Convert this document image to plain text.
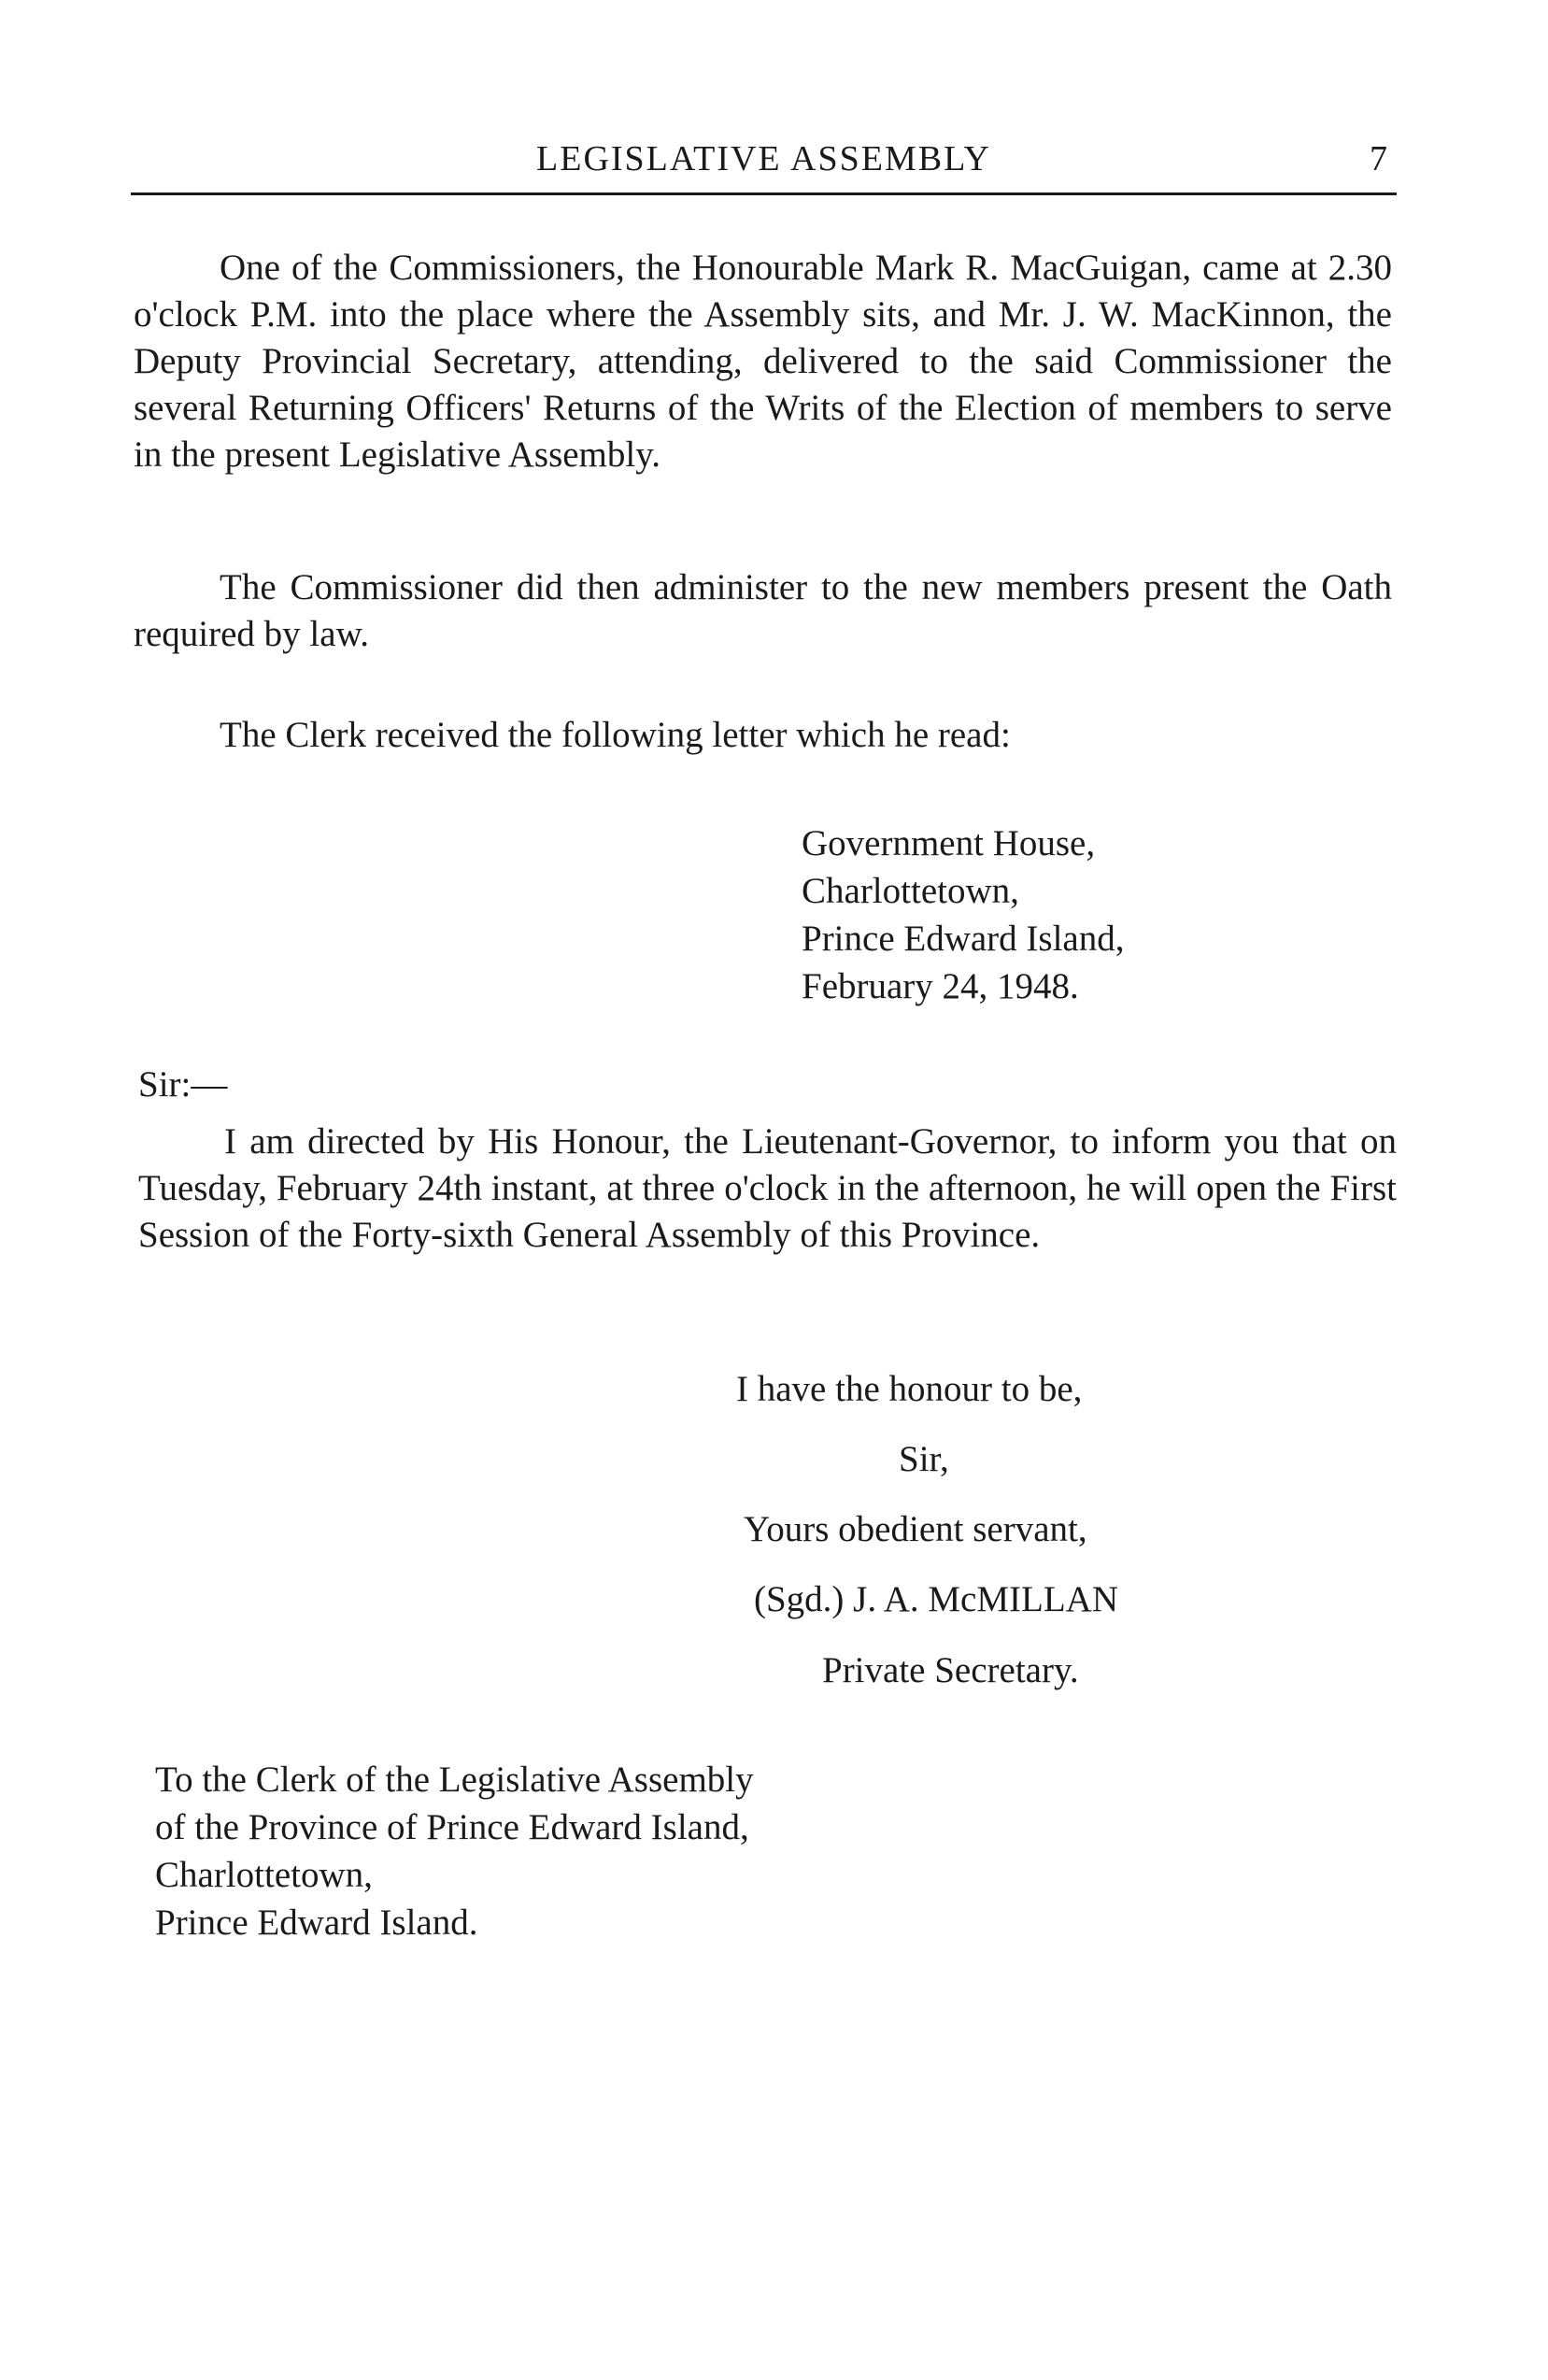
LEGISLATIVE ASSEMBLY	7

One of the Commissioners, the Honourable Mark R. MacGuigan, came at 2.30 o'clock P.M. into the place where the Assembly sits, and Mr. J. W. MacKinnon, the Deputy Provincial Secretary, attending, delivered to the said Commissioner the several Returning Officers' Returns of the Writs of the Election of members to serve in the present Legislative Assembly.

The Commissioner did then administer to the new members present the Oath required by law.

The Clerk received the following letter which he read:

Government House,
Charlottetown,
Prince Edward Island,
February 24, 1948.
Sir:—

I am directed by His Honour, the Lieutenant-Governor, to inform you that on Tuesday, February 24th instant, at three o'clock in the afternoon, he will open the First Session of the Forty-sixth General Assembly of this Province.

I have the honour to be,
Sir,
Yours obedient servant,
(Sgd.) J. A. McMILLAN
Private Secretary.
To the Clerk of the Legislative Assembly
of the Province of Prince Edward Island,
Charlottetown,
Prince Edward Island.
